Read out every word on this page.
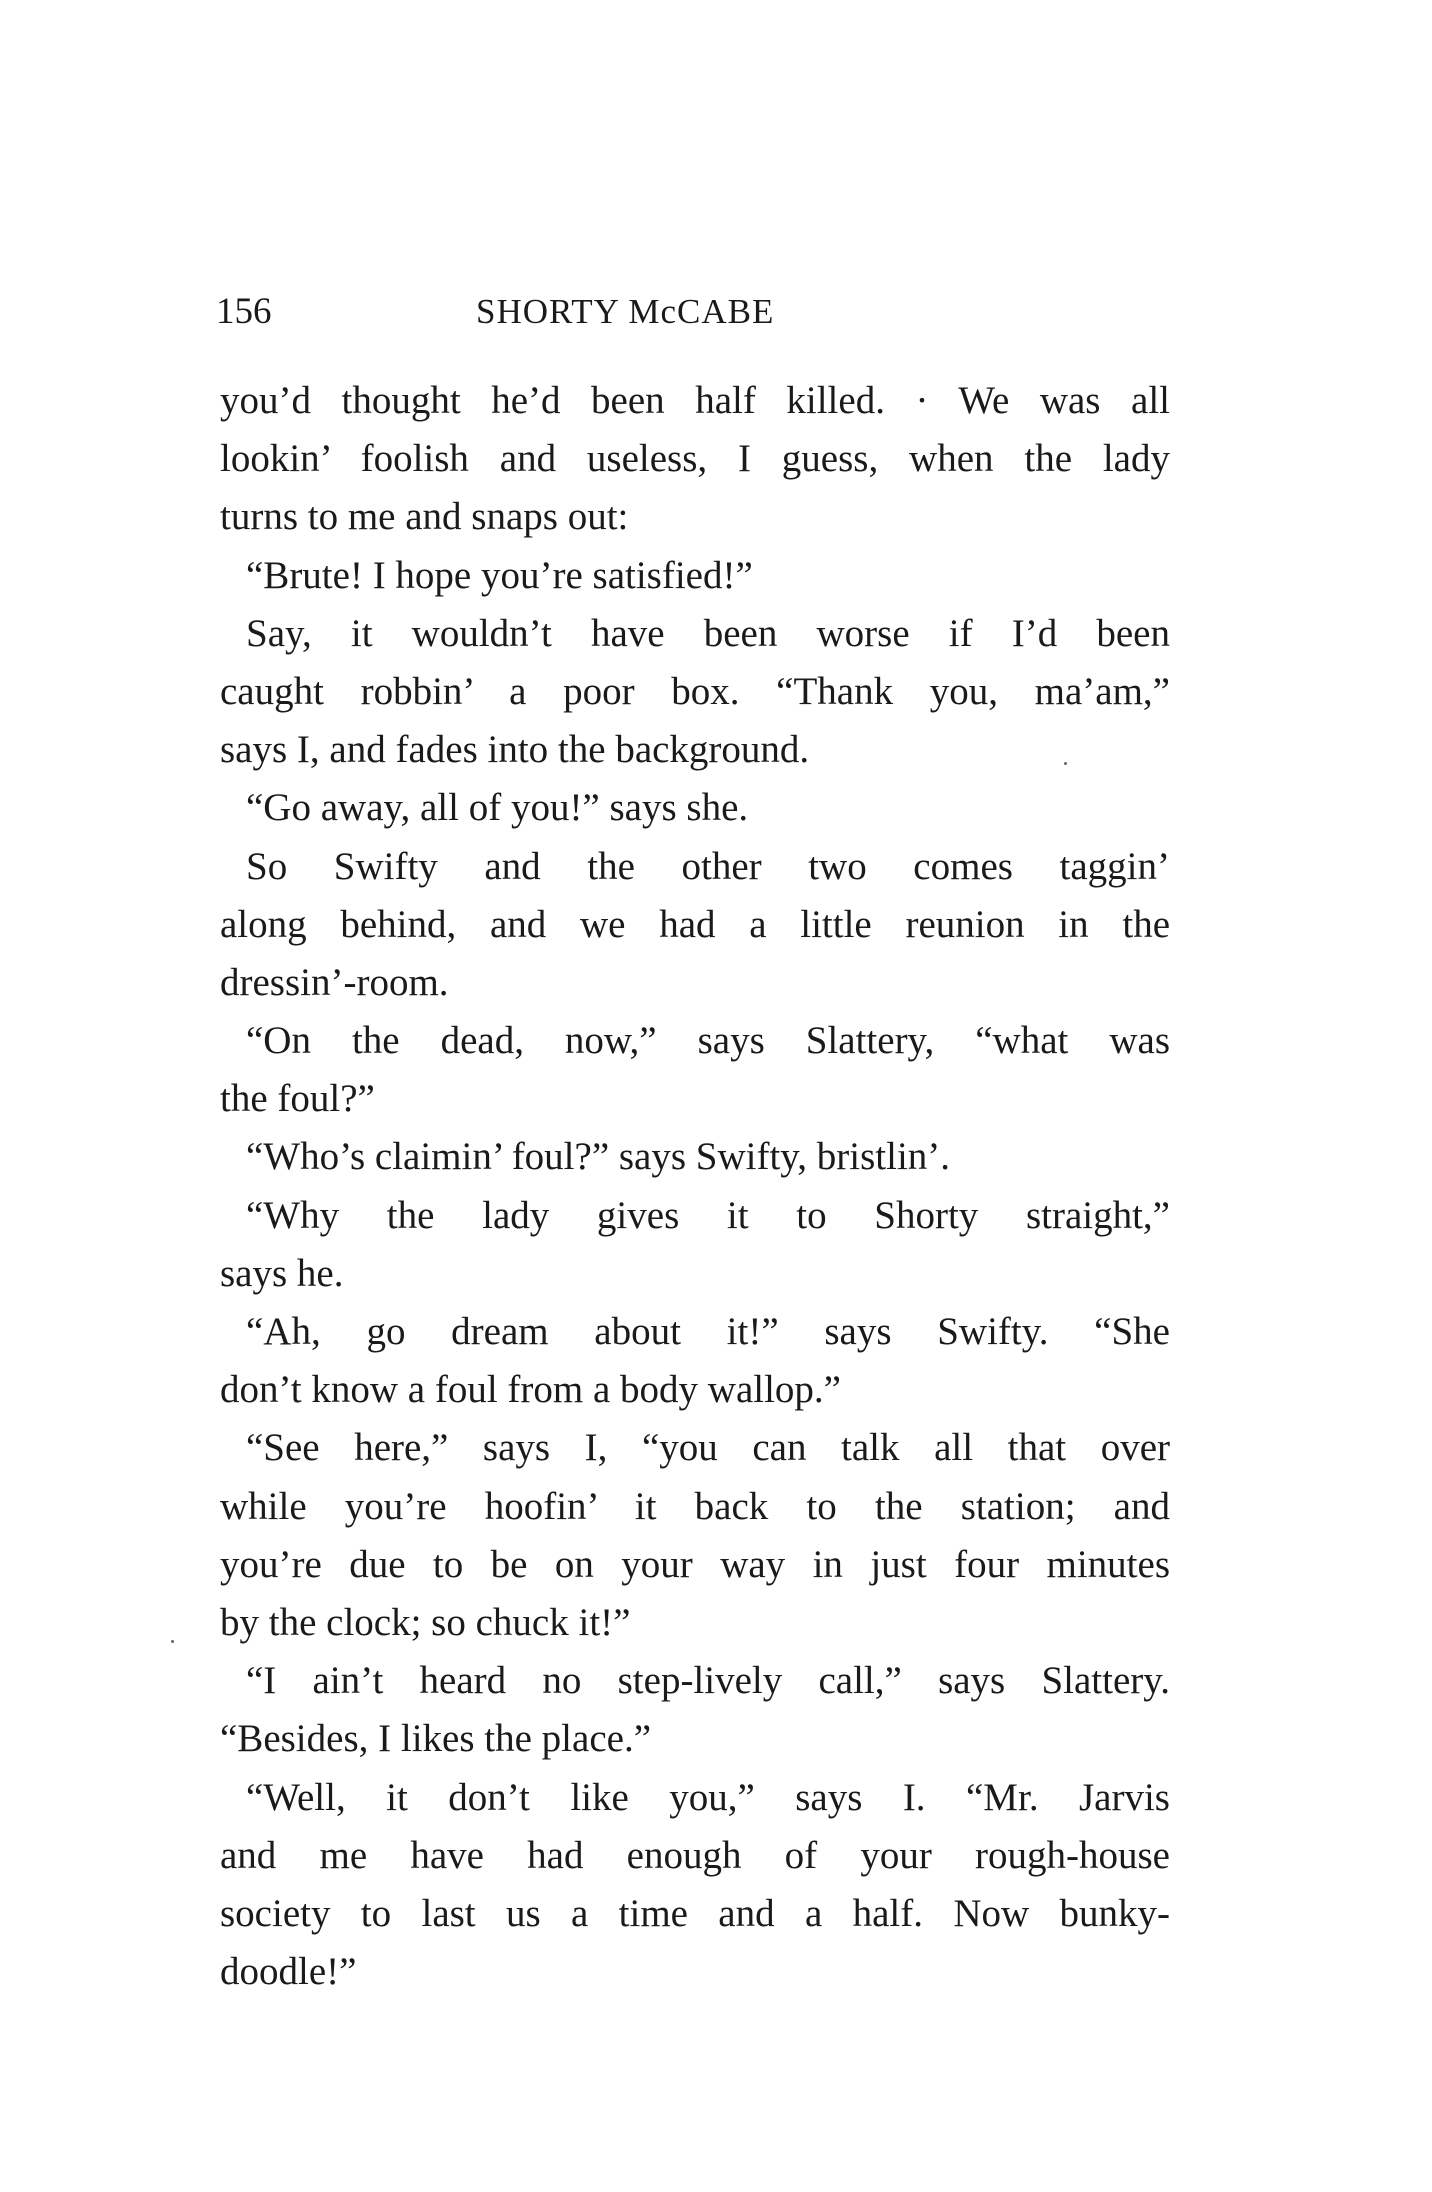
156	SHORTY McCABE
you’d thought he’d been half killed. · We was all
lookin’ foolish and useless, I guess, when the lady
turns to me and snaps out:
“Brute! I hope you’re satisfied!”
Say, it wouldn’t have been worse if I’d been
caught robbin’ a poor box. “Thank you, ma’am,”
says I, and fades into the background.
“Go away, all of you!” says she.
So Swifty and the other two comes taggin’
along behind, and we had a little reunion in the
dressin’-room.
“On the dead, now,” says Slattery, “what was
the foul?”
“Who’s claimin’ foul?” says Swifty, bristlin’.
“Why the lady gives it to Shorty straight,”
says he.
“Ah, go dream about it!” says Swifty. “She
don’t know a foul from a body wallop.”
“See here,” says I, “you can talk all that over
while you’re hoofin’ it back to the station; and
you’re due to be on your way in just four minutes
by the clock; so chuck it!”
“I ain’t heard no step-lively call,” says Slattery.
“Besides, I likes the place.”
“Well, it don’t like you,” says I. “Mr. Jarvis
and me have had enough of your rough-house
society to last us a time and a half. Now bunky-
doodle!”
